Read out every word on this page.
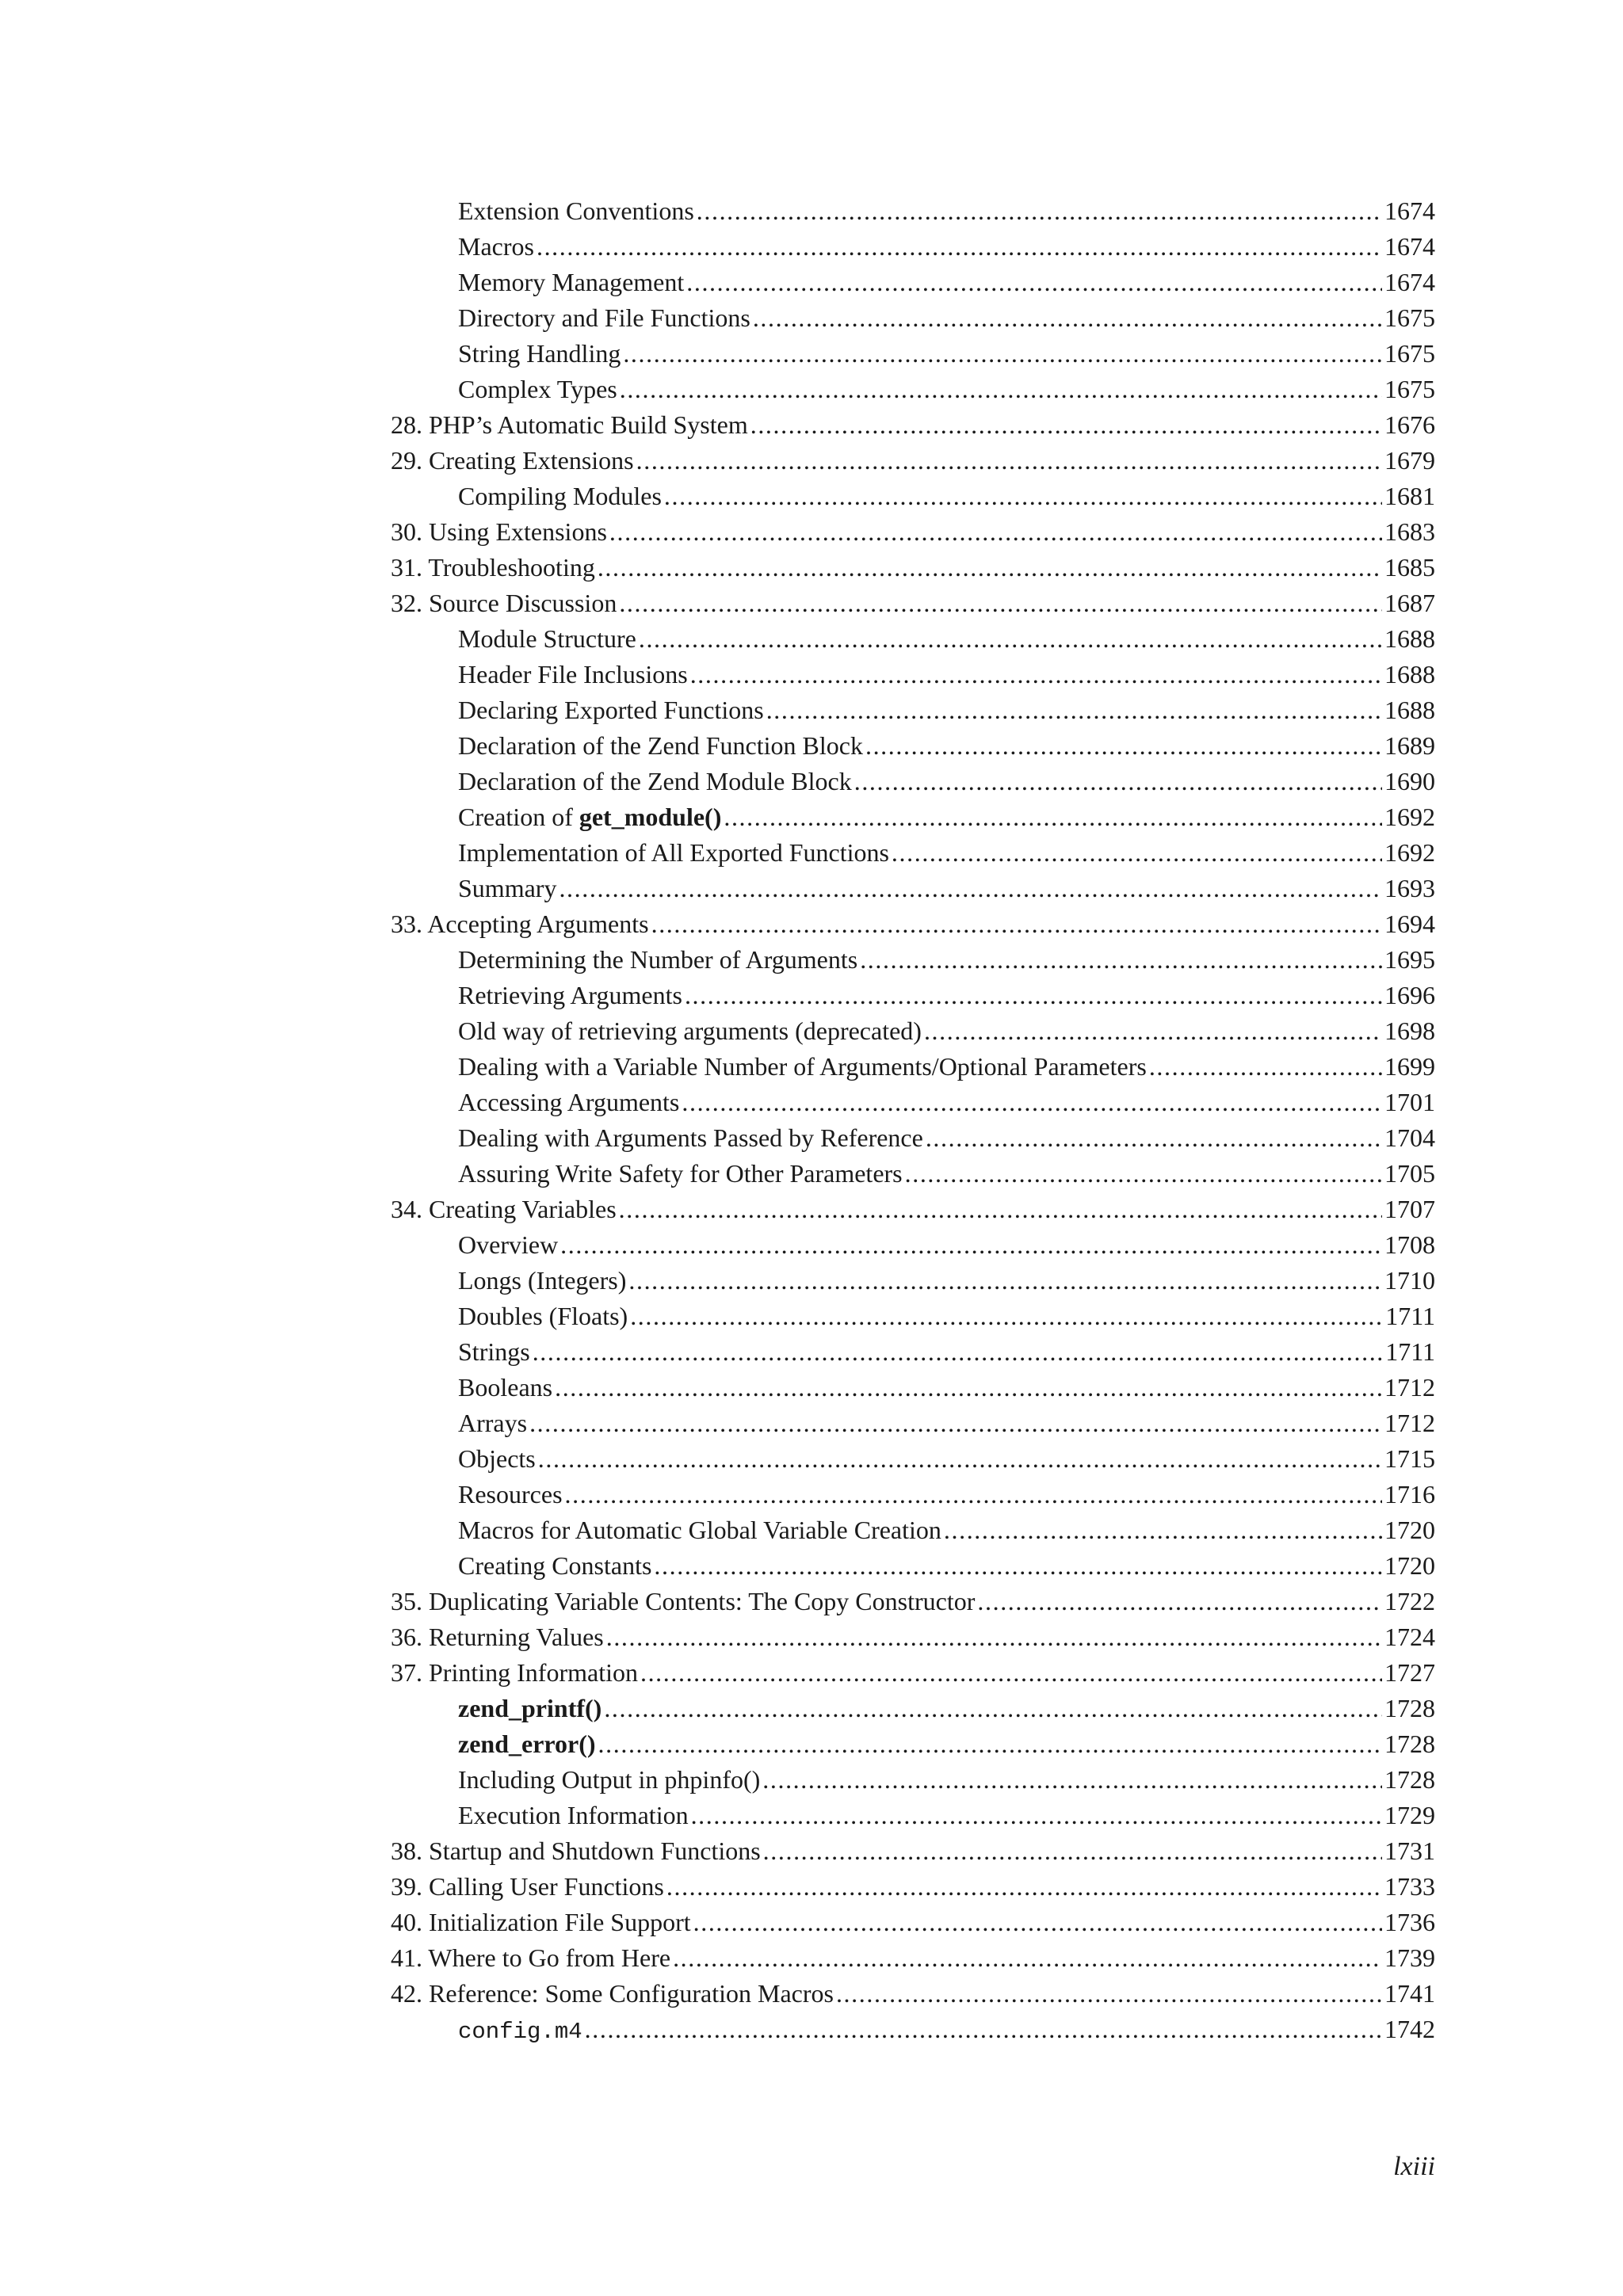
Extension Conventions . . .	1674
Macros . . .	1674
Memory Management . . .	1674
Directory and File Functions . . .	1675
String Handling . . .	1675
Complex Types . . .	1675
28. PHP’s Automatic Build System . . .	1676
29. Creating Extensions . . .	1679
Compiling Modules . . .	1681
30. Using Extensions . . .	1683
31. Troubleshooting . . .	1685
32. Source Discussion . . .	1687
Module Structure . . .	1688
Header File Inclusions . . .	1688
Declaring Exported Functions . . .	1688
Declaration of the Zend Function Block . . .	1689
Declaration of the Zend Module Block . . .	1690
Creation of get_module() . . .	1692
Implementation of All Exported Functions . . .	1692
Summary . . .	1693
33. Accepting Arguments . . .	1694
Determining the Number of Arguments . . .	1695
Retrieving Arguments . . .	1696
Old way of retrieving arguments (deprecated) . . .	1698
Dealing with a Variable Number of Arguments/Optional Parameters . . .	1699
Accessing Arguments . . .	1701
Dealing with Arguments Passed by Reference . . .	1704
Assuring Write Safety for Other Parameters . . .	1705
34. Creating Variables . . .	1707
Overview . . .	1708
Longs (Integers) . . .	1710
Doubles (Floats) . . .	1711
Strings . . .	1711
Booleans . . .	1712
Arrays . . .	1712
Objects . . .	1715
Resources . . .	1716
Macros for Automatic Global Variable Creation . . .	1720
Creating Constants . . .	1720
35. Duplicating Variable Contents: The Copy Constructor . . .	1722
36. Returning Values . . .	1724
37. Printing Information . . .	1727
zend_printf() . . .	1728
zend_error() . . .	1728
Including Output in phpinfo() . . .	1728
Execution Information . . .	1729
38. Startup and Shutdown Functions . . .	1731
39. Calling User Functions . . .	1733
40. Initialization File Support . . .	1736
41. Where to Go from Here . . .	1739
42. Reference: Some Configuration Macros . . .	1741
config.m4 . . .	1742
lxiii
